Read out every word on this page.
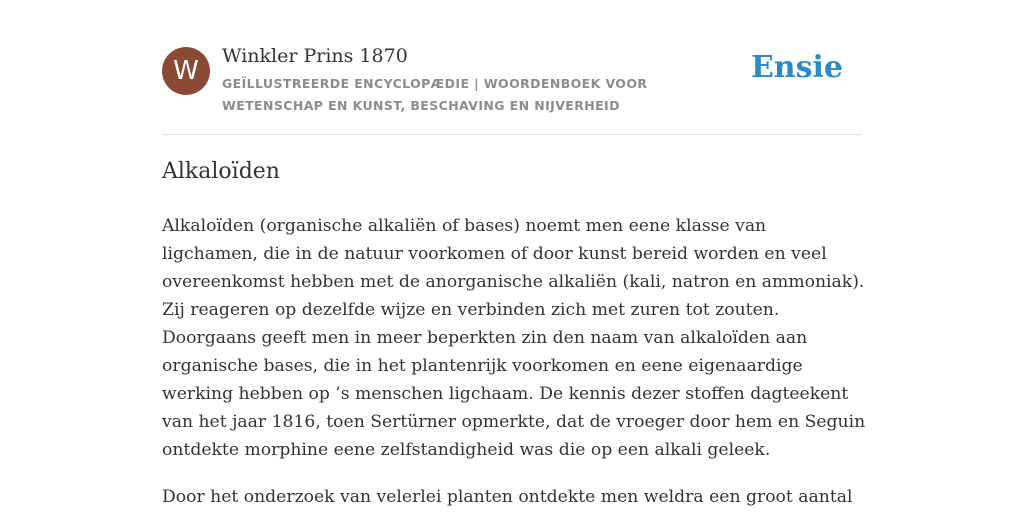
W	Winkler Prins 1870
GEÏLLUSTREERDE ENCYCLOPÆDIE | WOORDENBOEK VOOR WETENSCHAP EN KUNST, BESCHAVING EN NIJVERHEID
Ensie
Alkaloïden

Alkaloïden (organische alkaliën of bases) noemt men eene klasse van ligchamen, die in de natuur voorkomen of door kunst bereid worden en veel overeenkomst hebben met de anorganische alkaliën (kali, natron en ammoniak). Zij reageren op dezelfde wijze en verbinden zich met zuren tot zouten. Doorgaans geeft men in meer beperkten zin den naam van alkaloïden aan organische bases, die in het plantenrijk voorkomen en eene eigenaardige werking hebben op ’s menschen ligchaam. De kennis dezer stoffen dagteekent van het jaar 1816, toen Sertürner opmerkte, dat de vroeger door hem en Seguin ontdekte morphine eene zelfstandigheid was die op een alkali geleek.

Door het onderzoek van velerlei planten ontdekte men weldra een groot aantal
